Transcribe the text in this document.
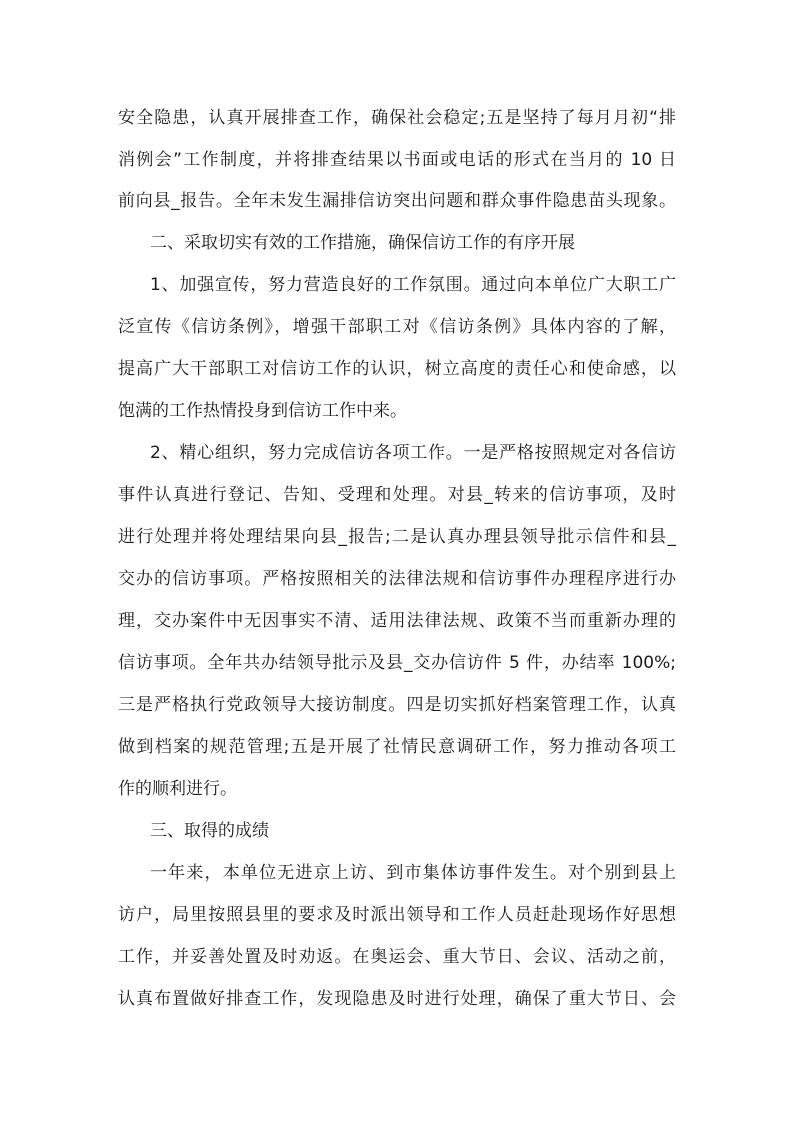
安全隐患，认真开展排查工作，确保社会稳定;五是坚持了每月月初“排
消例会”工作制度，并将排查结果以书面或电话的形式在当月的 10 日
前向县_报告。全年未发生漏排信访突出问题和群众事件隐患苗头现象。
二、采取切实有效的工作措施，确保信访工作的有序开展
1、加强宣传，努力营造良好的工作氛围。通过向本单位广大职工广
泛宣传《信访条例》，增强干部职工对《信访条例》具体内容的了解，
提高广大干部职工对信访工作的认识，树立高度的责任心和使命感，以
饱满的工作热情投身到信访工作中来。
2、精心组织，努力完成信访各项工作。一是严格按照规定对各信访
事件认真进行登记、告知、受理和处理。对县_转来的信访事项，及时
进行处理并将处理结果向县_报告;二是认真办理县领导批示信件和县_
交办的信访事项。严格按照相关的法律法规和信访事件办理程序进行办
理，交办案件中无因事实不清、适用法律法规、政策不当而重新办理的
信访事项。全年共办结领导批示及县_交办信访件 5 件，办结率 100%;
三是严格执行党政领导大接访制度。四是切实抓好档案管理工作，认真
做到档案的规范管理;五是开展了社情民意调研工作，努力推动各项工
作的顺利进行。
三、取得的成绩
一年来，本单位无进京上访、到市集体访事件发生。对个别到县上
访户，局里按照县里的要求及时派出领导和工作人员赶赴现场作好思想
工作，并妥善处置及时劝返。在奥运会、重大节日、会议、活动之前，
认真布置做好排查工作，发现隐患及时进行处理，确保了重大节日、会
